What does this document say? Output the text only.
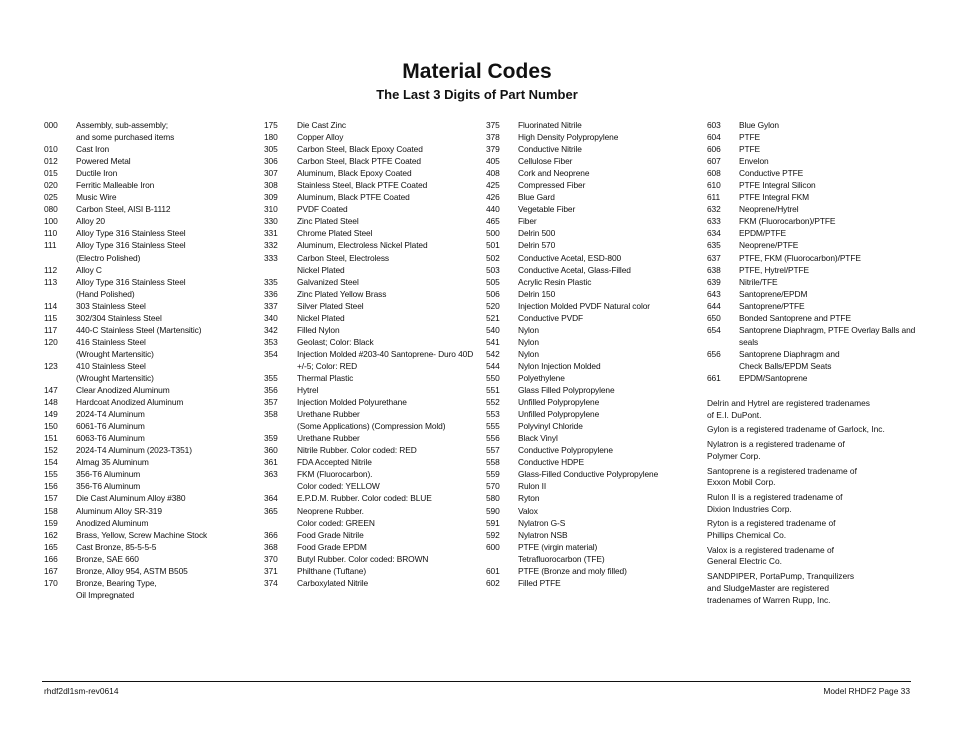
Material Codes
The Last 3 Digits of Part Number
000	Assembly, sub-assembly;
and some purchased items
010	Cast Iron
012	Powered Metal
015	Ductile Iron
020	Ferritic Malleable Iron
025	Music Wire
080	Carbon Steel, AISI B-1112
100	Alloy 20
110	Alloy Type 316 Stainless Steel
111	Alloy Type 316 Stainless Steel
(Electro Polished)
112	Alloy C
113	Alloy Type 316 Stainless Steel
(Hand Polished)
114	303 Stainless Steel
115	302/304 Stainless Steel
117	440-C Stainless Steel (Martensitic)
120	416 Stainless Steel
(Wrought Martensitic)
123	410 Stainless Steel
(Wrought Martensitic)
147	Clear Anodized Aluminum
148	Hardcoat Anodized Aluminum
149	2024-T4 Aluminum
150	6061-T6 Aluminum
151	6063-T6 Aluminum
152	2024-T4 Aluminum (2023-T351)
154	Almag 35 Aluminum
155	356-T6 Aluminum
156	356-T6 Aluminum
157	Die Cast Aluminum Alloy #380
158	Aluminum Alloy SR-319
159	Anodized Aluminum
162	Brass, Yellow, Screw Machine Stock
165	Cast Bronze, 85-5-5-5
166	Bronze, SAE 660
167	Bronze, Alloy 954, ASTM B505
170	Bronze, Bearing Type,
Oil Impregnated
175	Die Cast Zinc
180	Copper Alloy
305	Carbon Steel, Black Epoxy Coated
306	Carbon Steel, Black PTFE Coated
307	Aluminum, Black Epoxy Coated
308	Stainless Steel, Black PTFE Coated
309	Aluminum, Black PTFE Coated
310	PVDF Coated
330	Zinc Plated Steel
331	Chrome Plated Steel
332	Aluminum, Electroless Nickel Plated
333	Carbon Steel, Electroless
Nickel Plated
335	Galvanized Steel
336	Zinc Plated Yellow Brass
337	Silver Plated Steel
340	Nickel Plated
342	Filled Nylon
353	Geolast; Color: Black
354	Injection Molded #203-40 Santoprene- Duro 40D
+/-5; Color: RED
355	Thermal Plastic
356	Hytrel
357	Injection Molded Polyurethane
358	Urethane Rubber
(Some Applications) (Compression Mold)
359	Urethane Rubber
360	Nitrile Rubber. Color coded: RED
361	FDA Accepted Nitrile
363	FKM (Fluorocarbon).
Color coded: YELLOW
364	E.P.D.M. Rubber. Color coded: BLUE
365	Neoprene Rubber.
Color coded: GREEN
366	Food Grade Nitrile
368	Food Grade EPDM
370	Butyl Rubber. Color coded: BROWN
371	Philthane (Tuftane)
374	Carboxylated Nitrile
375	Fluorinated Nitrile
378	High Density Polypropylene
379	Conductive Nitrile
405	Cellulose Fiber
408	Cork and Neoprene
425	Compressed Fiber
426	Blue Gard
440	Vegetable Fiber
465	Fiber
500	Delrin 500
501	Delrin 570
502	Conductive Acetal, ESD-800
503	Conductive Acetal, Glass-Filled
505	Acrylic Resin Plastic
506	Delrin 150
520	Injection Molded PVDF Natural color
521	Conductive PVDF
540	Nylon
541	Nylon
542	Nylon
544	Nylon Injection Molded
550	Polyethylene
551	Glass Filled Polypropylene
552	Unfilled Polypropylene
553	Unfilled Polypropylene
555	Polyvinyl Chloride
556	Black Vinyl
557	Conductive Polypropylene
558	Conductive HDPE
559	Glass-Filled Conductive Polypropylene
570	Rulon II
580	Ryton
590	Valox
591	Nylatron G-S
592	Nylatron NSB
600	PTFE (virgin material)
Tetrafluorocarbon (TFE)
601	PTFE (Bronze and moly filled)
602	Filled PTFE
603	Blue Gylon
604	PTFE
606	PTFE
607	Envelon
608	Conductive PTFE
610	PTFE Integral Silicon
611	PTFE Integral FKM
632	Neoprene/Hytrel
633	FKM (Fluorocarbon)/PTFE
634	EPDM/PTFE
635	Neoprene/PTFE
637	PTFE, FKM (Fluorocarbon)/PTFE
638	PTFE, Hytrel/PTFE
639	Nitrile/TFE
643	Santoprene/EPDM
644	Santoprene/PTFE
650	Bonded Santoprene and PTFE
654	Santoprene Diaphragm, PTFE Overlay Balls and
seals
656	Santoprene Diaphragm and
Check Balls/EPDM Seats
661	EPDM/Santoprene
Delrin and Hytrel are registered tradenames
of E.I. DuPont.
Gylon is a registered tradename of Garlock, Inc.
Nylatron is a registered tradename of
Polymer Corp.
Santoprene is a registered tradename of
Exxon Mobil Corp.
Rulon II is a registered tradename of
Dixion Industries Corp.
Ryton is a registered tradename of
Phillips Chemical Co.
Valox is a registered tradename of
General Electric Co.
SANDPIPER, PortaPump, Tranquilizers
and SludgeMaster are registered
tradenames of Warren Rupp, Inc.
rhdf2dl1sm-rev0614	Model RHDF2 Page 33
